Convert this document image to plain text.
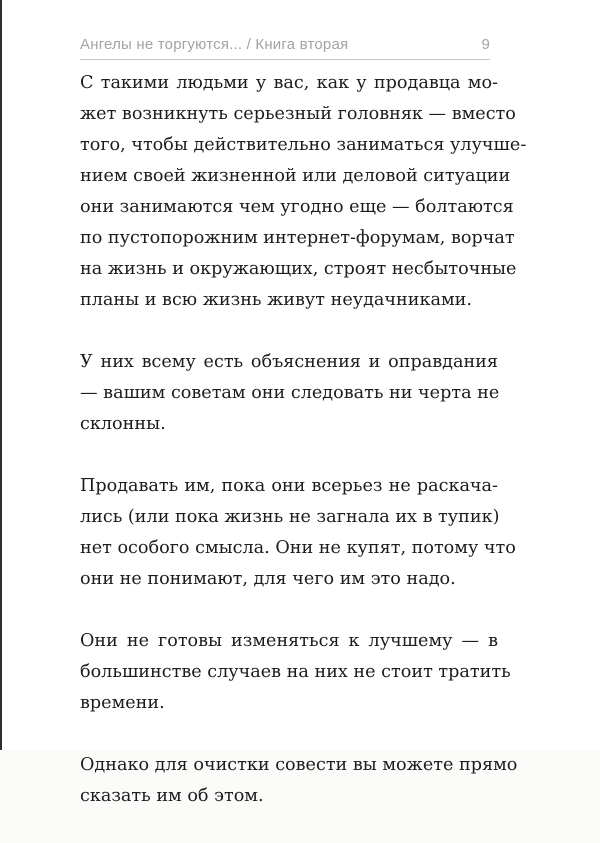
Ангелы не торгуются... / Книга вторая	9

С такими людьми у вас, как у продавца мо-
жет возникнуть серьезный головняк — вместо
того, чтобы действительно заниматься улучше-
нием своей жизненной или деловой ситуации
они занимаются чем угодно еще — болтаются
по пустопорожним интернет-форумам, ворчат
на жизнь и окружающих, строят несбыточные
планы и всю жизнь живут неудачниками.

У них всему есть объяснения и оправдания
— вашим советам они следовать ни черта не
склонны.

Продавать им, пока они всерьез не раскача-
лись (или пока жизнь не загнала их в тупик)
нет особого смысла. Они не купят, потому что
они не понимают, для чего им это надо.

Они не готовы изменяться к лучшему — в
большинстве случаев на них не стоит тратить
времени.

Однако для очистки совести вы можете прямо
сказать им об этом.
